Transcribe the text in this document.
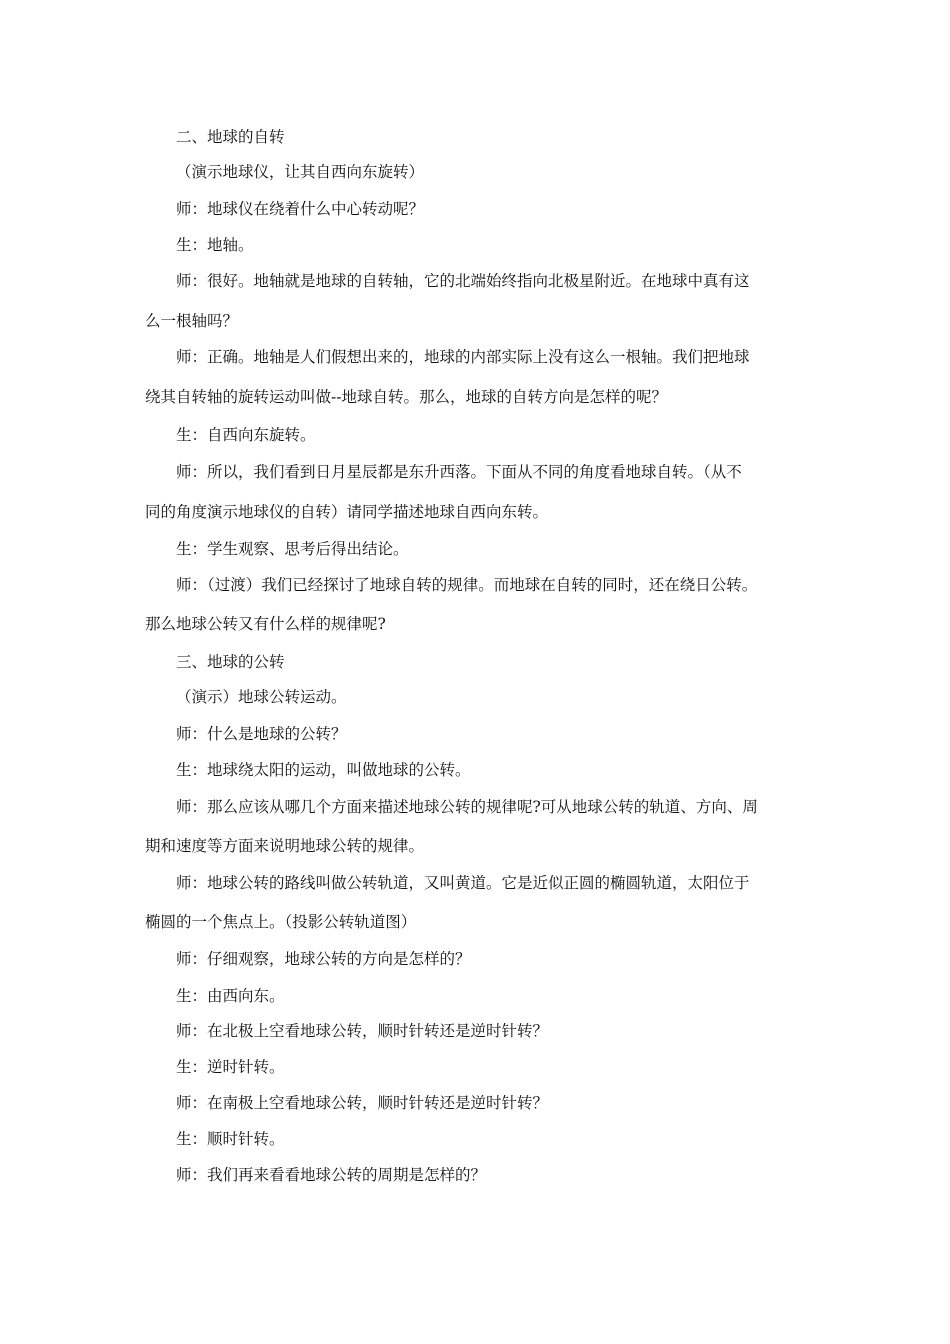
二、地球的自转
（演示地球仪，让其自西向东旋转）
师：地球仪在绕着什么中心转动呢？
生：地轴。
师：很好。地轴就是地球的自转轴，它的北端始终指向北极星附近。在地球中真有这
么一根轴吗？
师：正确。地轴是人们假想出来的，地球的内部实际上没有这么一根轴。我们把地球
绕其自转轴的旋转运动叫做--地球自转。那么，地球的自转方向是怎样的呢？
生：自西向东旋转。
师：所以，我们看到日月星辰都是东升西落。下面从不同的角度看地球自转。（从不
同的角度演示地球仪的自转）请同学描述地球自西向东转。
生：学生观察、思考后得出结论。
师：（过渡）我们已经探讨了地球自转的规律。而地球在自转的同时，还在绕日公转。
那么地球公转又有什么样的规律呢?
三、地球的公转
（演示）地球公转运动。
师：什么是地球的公转？
生：地球绕太阳的运动，叫做地球的公转。
师：那么应该从哪几个方面来描述地球公转的规律呢?可从地球公转的轨道、方向、周
期和速度等方面来说明地球公转的规律。
师：地球公转的路线叫做公转轨道，又叫黄道。它是近似正圆的椭圆轨道，太阳位于
椭圆的一个焦点上。（投影公转轨道图）
师：仔细观察，地球公转的方向是怎样的？
生：由西向东。
师：在北极上空看地球公转，顺时针转还是逆时针转？
生：逆时针转。
师：在南极上空看地球公转，顺时针转还是逆时针转？
生：顺时针转。
师：我们再来看看地球公转的周期是怎样的？
